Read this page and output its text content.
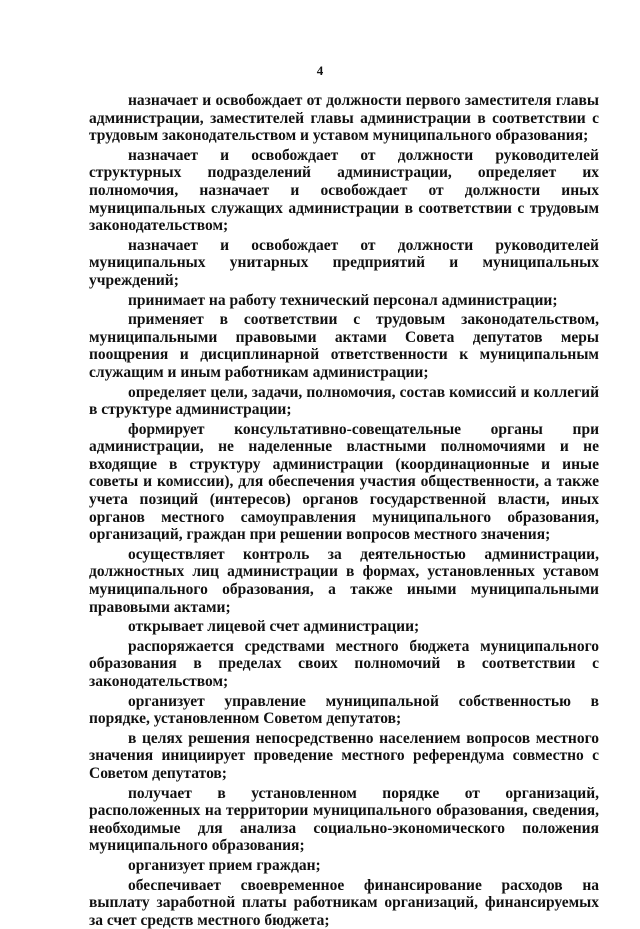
4

назначает и освобождает от должности первого заместителя главы администрации, заместителей главы администрации в соответствии с трудовым законодательством и уставом муниципального образования;

назначает и освобождает от должности руководителей структурных подразделений администрации, определяет их полномочия, назначает и освобождает от должности иных муниципальных служащих администрации в соответствии с трудовым законодательством;

назначает и освобождает от должности руководителей муниципальных унитарных предприятий и муниципальных учреждений;

принимает на работу технический персонал администрации;

применяет в соответствии с трудовым законодательством, муниципальными правовыми актами Совета депутатов меры поощрения и дисциплинарной ответственности к муниципальным служащим и иным работникам администрации;

определяет цели, задачи, полномочия, состав комиссий и коллегий в структуре администрации;

формирует консультативно-совещательные органы при администрации, не наделенные властными полномочиями и не входящие в структуру администрации (координационные и иные советы и комиссии), для обеспечения участия общественности, а также учета позиций (интересов) органов государственной власти, иных органов местного самоуправления муниципального образования, организаций, граждан при решении вопросов местного значения;

осуществляет контроль за деятельностью администрации, должностных лиц администрации в формах, установленных уставом муниципального образования, а также иными муниципальными правовыми актами;

открывает лицевой счет администрации;

распоряжается средствами местного бюджета муниципального образования в пределах своих полномочий в соответствии с законодательством;

организует управление муниципальной собственностью в порядке, установленном Советом депутатов;

в целях решения непосредственно населением вопросов местного значения инициирует проведение местного референдума совместно с Советом депутатов;

получает в установленном порядке от организаций, расположенных на территории муниципального образования, сведения, необходимые для анализа социально-экономического положения муниципального образования;

организует прием граждан;

обеспечивает своевременное финансирование расходов на выплату заработной платы работникам организаций, финансируемых за счет средств местного бюджета;
